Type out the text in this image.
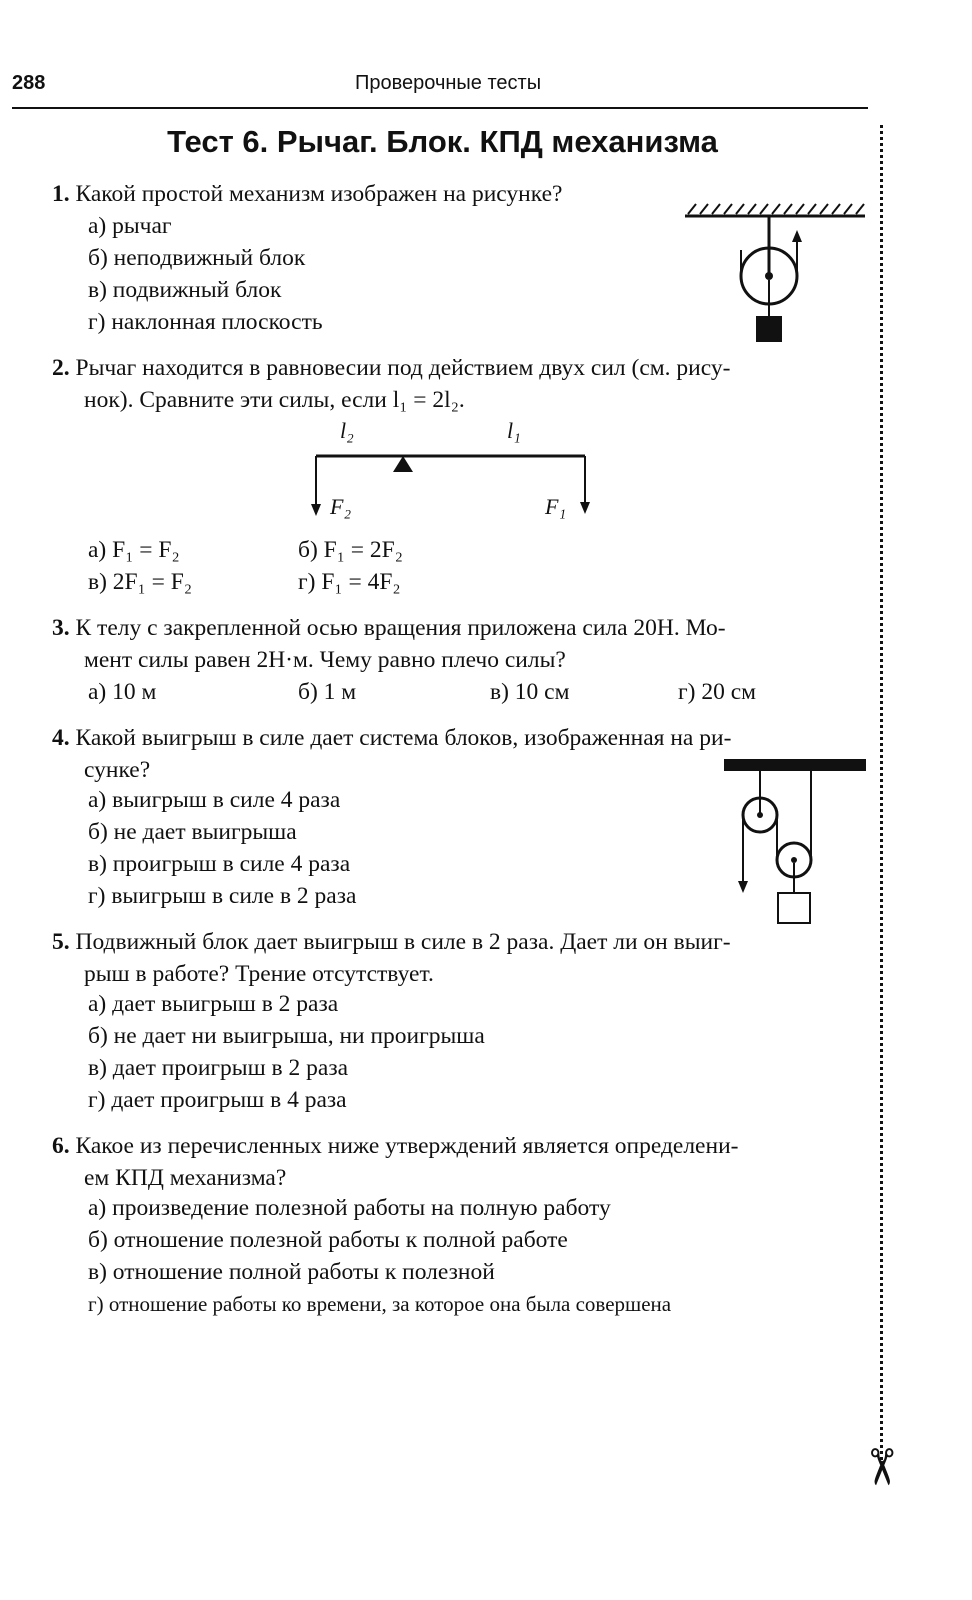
288	Проверочные тесты
Тест 6. Рычаг. Блок. КПД механизма
✂
1. Какой простой механизм изображен на рисунке?
а) рычаг
б) неподвижный блок
в) подвижный блок
г) наклонная плоскость
2. Рычаг находится в равновесии под действием двух сил (см. рису-
нок). Сравните эти силы, если l₁ = 2l₂.
l₂	l₁
F₂	F₁
а) F₁ = F₂	б) F₁ = 2F₂
в) 2F₁ = F₂	г) F₁ = 4F₂
3. К телу с закрепленной осью вращения приложена сила 20Н. Мо-
мент силы равен 2Н·м. Чему равно плечо силы?
а) 10 м	б) 1 м	в) 10 см	г) 20 см
4. Какой выигрыш в силе дает система блоков, изображенная на ри-
сунке?
а) выигрыш в силе 4 раза
б) не дает выигрыша
в) проигрыш в силе 4 раза
г) выигрыш в силе в 2 раза
5. Подвижный блок дает выигрыш в силе в 2 раза. Дает ли он выиг-
рыш в работе? Трение отсутствует.
а) дает выигрыш в 2 раза
б) не дает ни выигрыша, ни проигрыша
в) дает проигрыш в 2 раза
г) дает проигрыш в 4 раза
6. Какое из перечисленных ниже утверждений является определени-
ем КПД механизма?
а) произведение полезной работы на полную работу
б) отношение полезной работы к полной работе
в) отношение полной работы к полезной
г) отношение работы ко времени, за которое она была совершена
